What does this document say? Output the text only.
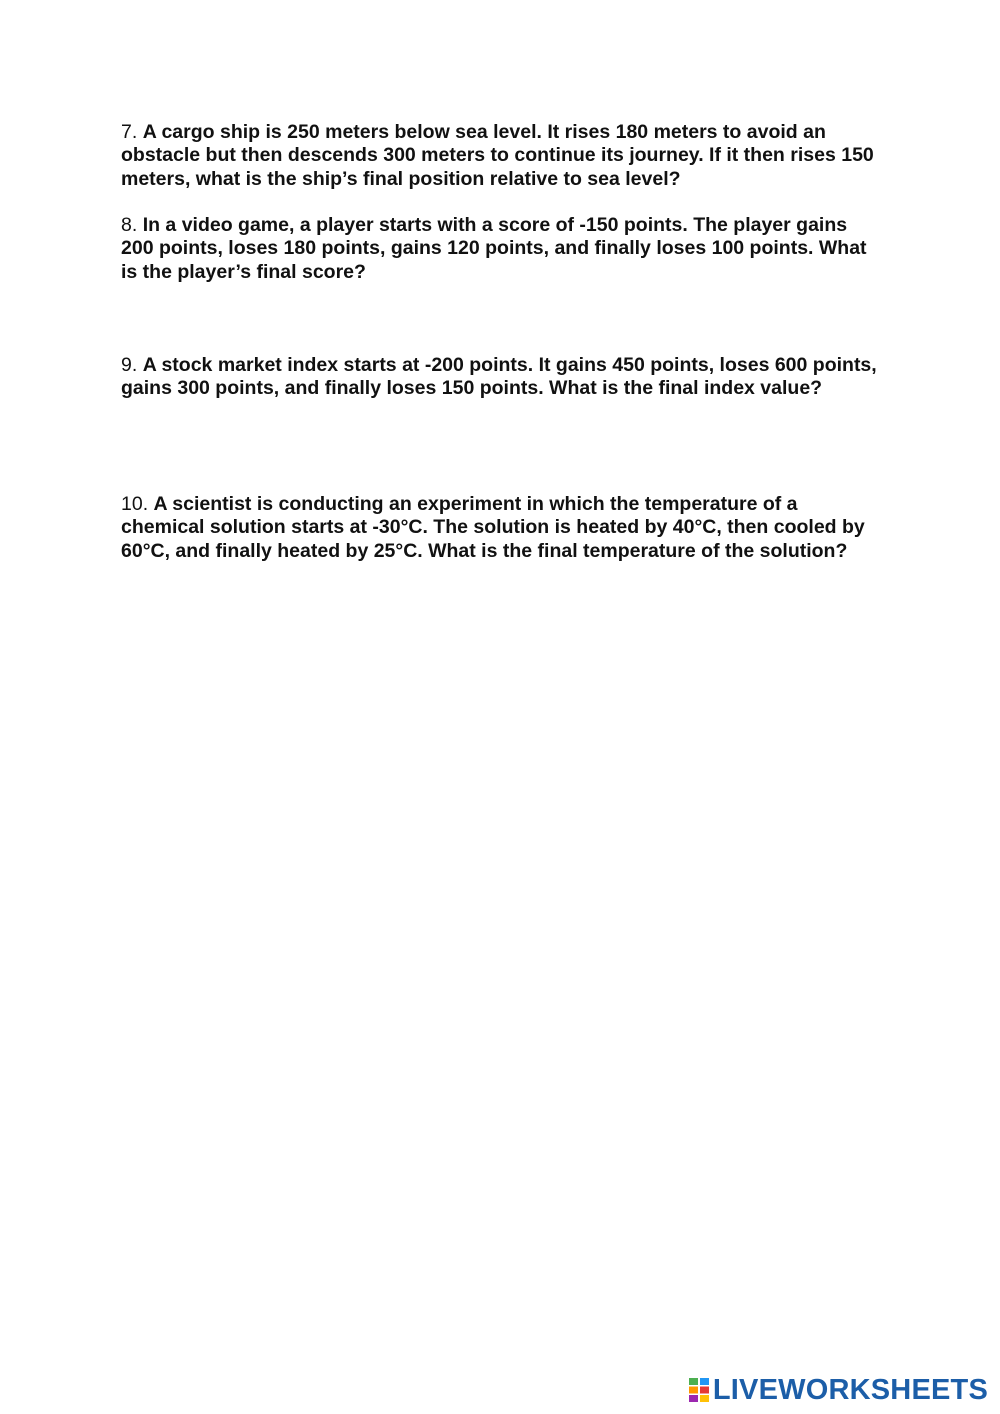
7. A cargo ship is 250 meters below sea level. It rises 180 meters to avoid an obstacle but then descends 300 meters to continue its journey. If it then rises 150 meters, what is the ship’s final position relative to sea level?

8. In a video game, a player starts with a score of -150 points. The player gains 200 points, loses 180 points, gains 120 points, and finally loses 100 points. What is the player’s final score?

9. A stock market index starts at -200 points. It gains 450 points, loses 600 points, gains 300 points, and finally loses 150 points. What is the final index value?

10. A scientist is conducting an experiment in which the temperature of a chemical solution starts at -30°C. The solution is heated by 40°C, then cooled by 60°C, and finally heated by 25°C. What is the final temperature of the solution?

LIVEWORKSHEETS
